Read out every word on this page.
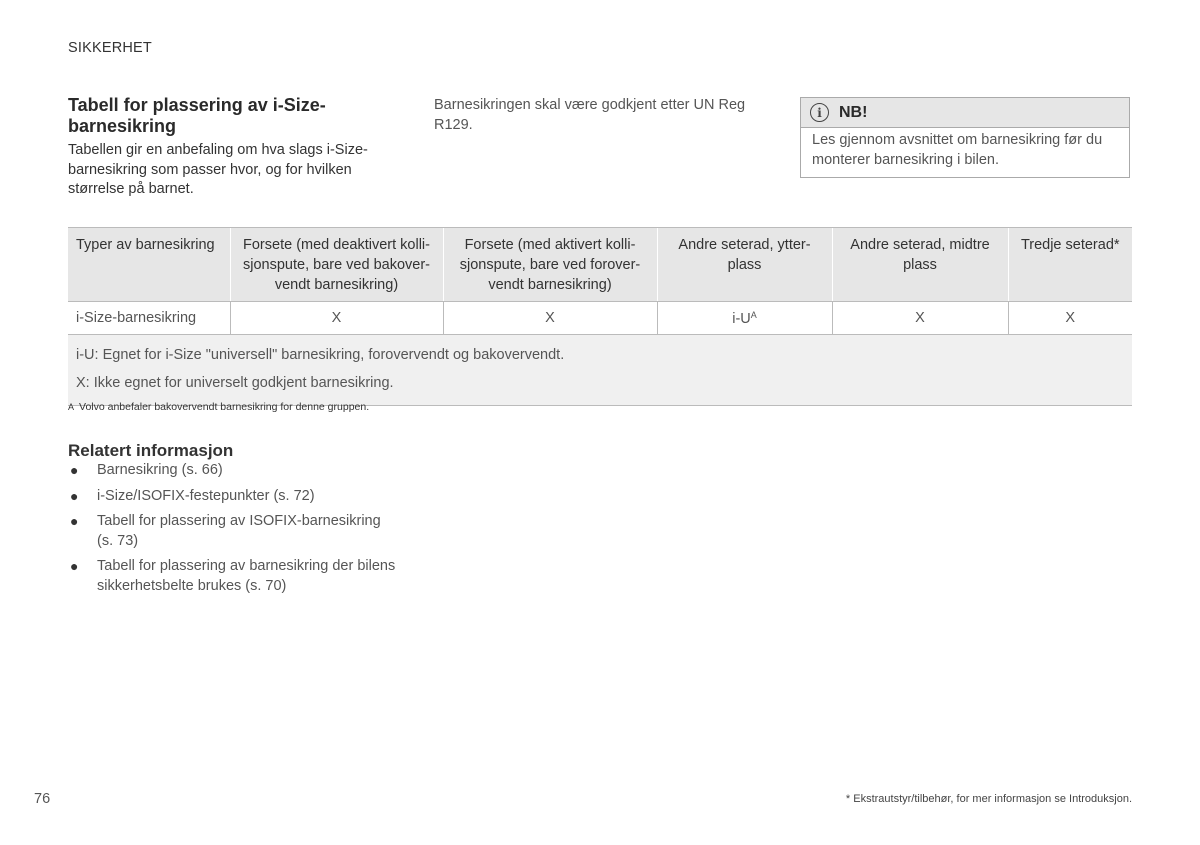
SIKKERHET
Tabell for plassering av i-Size-barnesikring
Tabellen gir en anbefaling om hva slags i-Size-barnesikring som passer hvor, og for hvilken størrelse på barnet.
Barnesikringen skal være godkjent etter UN Reg R129.
i	NB!
Les gjennom avsnittet om barnesikring før du monterer barnesikring i bilen.
Typer av barnesikring	Forsete (med deaktivert kolli-sjonspute, bare ved bakover-vendt barnesikring)	Forsete (med aktivert kolli-sjonspute, bare ved forover-vendt barnesikring)	Andre seterad, ytter-plass	Andre seterad, midtre plass	Tredje seterad*
i-Size-barnesikring	X	X	$i-U^A$	X	X

i-U: Egnet for i-Size "universell" barnesikring, forovervendt og bakovervendt.
X: Ikke egnet for universelt godkjent barnesikring.					
A Volvo anbefaler bakovervendt barnesikring for denne gruppen.
Relatert informasjon
● Barnesikring (s. 66)
● i-Size/ISOFIX-festepunkter (s. 72)
● Tabell for plassering av ISOFIX-barnesikring (s. 73)
● Tabell for plassering av barnesikring der bilens sikkerhetsbelte brukes (s. 70)
76	* Ekstrautstyr/tilbehør, for mer informasjon se Introduksjon.
